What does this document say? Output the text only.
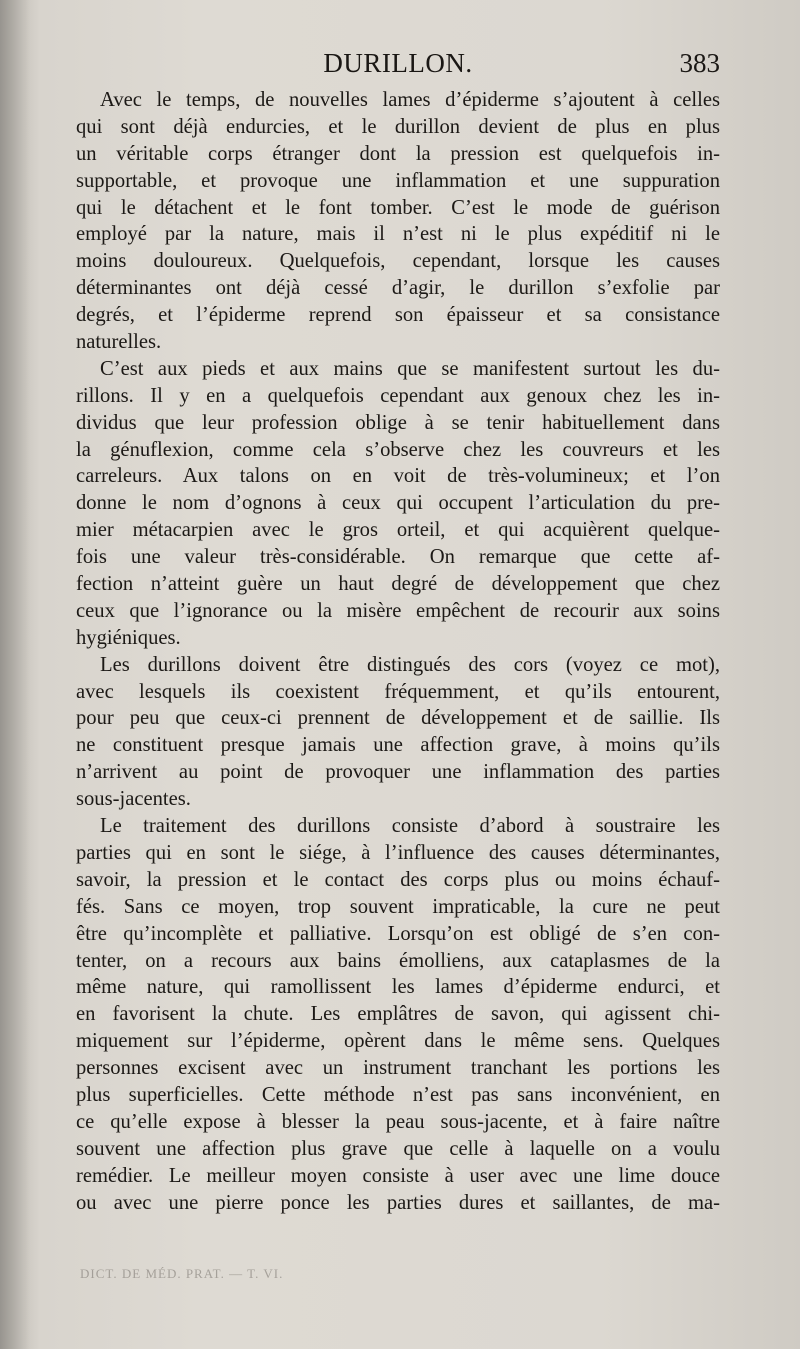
DURILLON.	383
Avec le temps, de nouvelles lames d’épiderme s’ajoutent à celles
qui sont déjà endurcies, et le durillon devient de plus en plus
un véritable corps étranger dont la pression est quelquefois in-
supportable, et provoque une inflammation et une suppuration
qui le détachent et le font tomber. C’est le mode de guérison
employé par la nature, mais il n’est ni le plus expéditif ni le
moins douloureux. Quelquefois, cependant, lorsque les causes
déterminantes ont déjà cessé d’agir, le durillon s’exfolie par
degrés, et l’épiderme reprend son épaisseur et sa consistance
naturelles.
C’est aux pieds et aux mains que se manifestent surtout les du-
rillons. Il y en a quelquefois cependant aux genoux chez les in-
dividus que leur profession oblige à se tenir habituellement dans
la génuflexion, comme cela s’observe chez les couvreurs et les
carreleurs. Aux talons on en voit de très-volumineux; et l’on
donne le nom d’ognons à ceux qui occupent l’articulation du pre-
mier métacarpien avec le gros orteil, et qui acquièrent quelque-
fois une valeur très-considérable. On remarque que cette af-
fection n’atteint guère un haut degré de développement que chez
ceux que l’ignorance ou la misère empêchent de recourir aux soins
hygiéniques.
Les durillons doivent être distingués des cors (voyez ce mot),
avec lesquels ils coexistent fréquemment, et qu’ils entourent,
pour peu que ceux-ci prennent de développement et de saillie. Ils
ne constituent presque jamais une affection grave, à moins qu’ils
n’arrivent au point de provoquer une inflammation des parties
sous-jacentes.
Le traitement des durillons consiste d’abord à soustraire les
parties qui en sont le siége, à l’influence des causes déterminantes,
savoir, la pression et le contact des corps plus ou moins échauf-
fés. Sans ce moyen, trop souvent impraticable, la cure ne peut
être qu’incomplète et palliative. Lorsqu’on est obligé de s’en con-
tenter, on a recours aux bains émolliens, aux cataplasmes de la
même nature, qui ramollissent les lames d’épiderme endurci, et
en favorisent la chute. Les emplâtres de savon, qui agissent chi-
miquement sur l’épiderme, opèrent dans le même sens. Quelques
personnes excisent avec un instrument tranchant les portions les
plus superficielles. Cette méthode n’est pas sans inconvénient, en
ce qu’elle expose à blesser la peau sous-jacente, et à faire naître
souvent une affection plus grave que celle à laquelle on a voulu
remédier. Le meilleur moyen consiste à user avec une lime douce
ou avec une pierre ponce les parties dures et saillantes, de ma-
DICT. DE MÉD. PRAT. — T. VI.
